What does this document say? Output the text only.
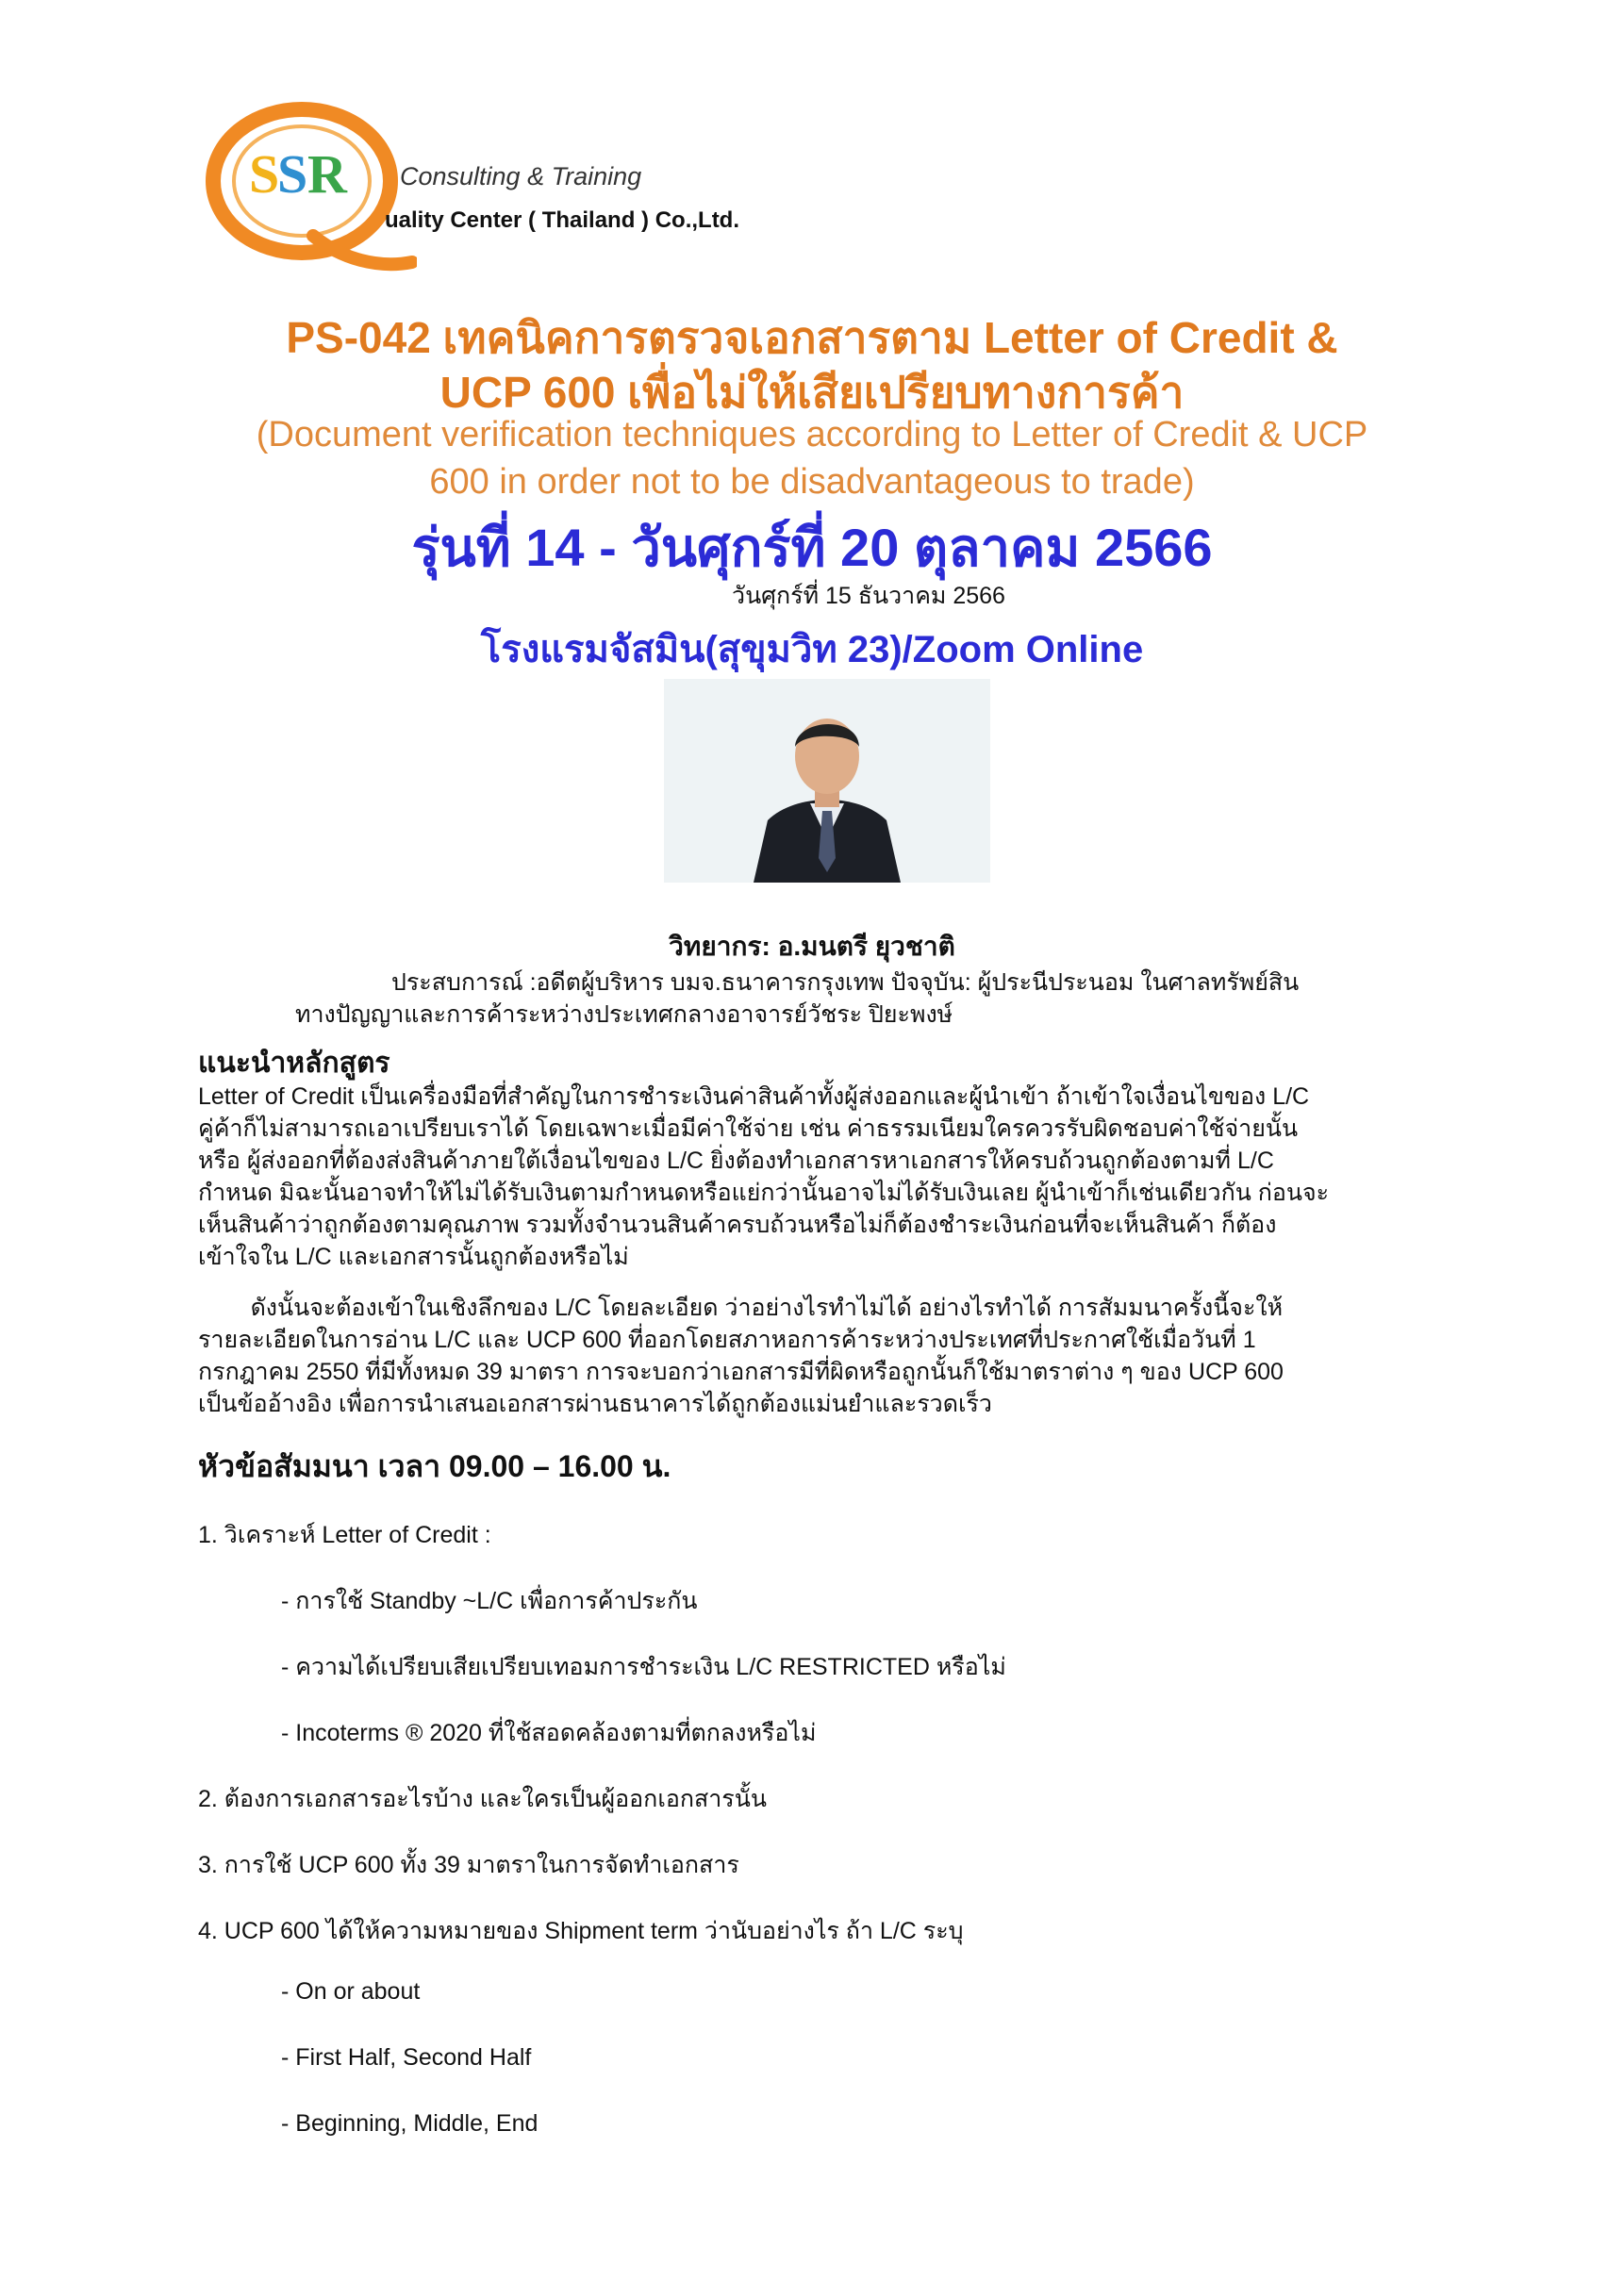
S
S R Consulting & Training
uality Center ( Thailand ) Co.,Ltd.
PS-042 เทคนิคการตรวจเอกสารตาม Letter of Credit &
UCP 600 เพื่อไม่ให้เสียเปรียบทางการค้า
(Document verification techniques according to Letter of Credit & UCP
600 in order not to be disadvantageous to trade)
รุ่นที่ 14 - วันศุกร์ที่ 20 ตุลาคม 2566
วันศุกร์ที่ 15 ธันวาคม 2566
โรงแรมจัสมิน(สุขุมวิท 23)/Zoom Online
วิทยากร: อ.มนตรี ยุวชาติ
ประสบการณ์ :อดีตผู้บริหาร บมจ.ธนาคารกรุงเทพ ปัจจุบัน: ผู้ประนีประนอม ในศาลทรัพย์สิน
ทางปัญญาและการค้าระหว่างประเทศกลางอาจารย์วัชระ ปิยะพงษ์
แนะนำหลักสูตร
Letter of Credit เป็นเครื่องมือที่สำคัญในการชำระเงินค่าสินค้าทั้งผู้ส่งออกและผู้นำเข้า ถ้าเข้าใจเงื่อนไขของ L/C
คู่ค้าก็ไม่สามารถเอาเปรียบเราได้ โดยเฉพาะเมื่อมีค่าใช้จ่าย เช่น ค่าธรรมเนียมใครควรรับผิดชอบค่าใช้จ่ายนั้น
หรือ ผู้ส่งออกที่ต้องส่งสินค้าภายใต้เงื่อนไขของ L/C ยิ่งต้องทำเอกสารหาเอกสารให้ครบถ้วนถูกต้องตามที่ L/C
กำหนด มิฉะนั้นอาจทำให้ไม่ได้รับเงินตามกำหนดหรือแย่กว่านั้นอาจไม่ได้รับเงินเลย ผู้นำเข้าก็เช่นเดียวกัน ก่อนจะ
เห็นสินค้าว่าถูกต้องตามคุณภาพ รวมทั้งจำนวนสินค้าครบถ้วนหรือไม่ก็ต้องชำระเงินก่อนที่จะเห็นสินค้า ก็ต้อง
เข้าใจใน L/C และเอกสารนั้นถูกต้องหรือไม่
ดังนั้นจะต้องเข้าในเชิงลึกของ L/C โดยละเอียด ว่าอย่างไรทำไม่ได้ อย่างไรทำได้ การสัมมนาครั้งนี้จะให้
รายละเอียดในการอ่าน L/C และ UCP 600 ที่ออกโดยสภาหอการค้าระหว่างประเทศที่ประกาศใช้เมื่อวันที่ 1
กรกฎาคม 2550 ที่มีทั้งหมด 39 มาตรา การจะบอกว่าเอกสารมีที่ผิดหรือถูกนั้นก็ใช้มาตราต่าง ๆ ของ UCP 600
เป็นข้ออ้างอิง เพื่อการนำเสนอเอกสารผ่านธนาคารได้ถูกต้องแม่นยำและรวดเร็ว
หัวข้อสัมมนา เวลา 09.00 – 16.00 น.
1. วิเคราะห์ Letter of Credit :
- การใช้ Standby ~L/C เพื่อการค้าประกัน
- ความได้เปรียบเสียเปรียบเทอมการชำระเงิน L/C RESTRICTED หรือไม่
- Incoterms ® 2020 ที่ใช้สอดคล้องตามที่ตกลงหรือไม่
2. ต้องการเอกสารอะไรบ้าง และใครเป็นผู้ออกเอกสารนั้น
3. การใช้ UCP 600 ทั้ง 39 มาตราในการจัดทำเอกสาร
4. UCP 600 ได้ให้ความหมายของ Shipment term ว่านับอย่างไร ถ้า L/C ระบุ
- On or about
- First Half, Second Half
- Beginning, Middle, End
